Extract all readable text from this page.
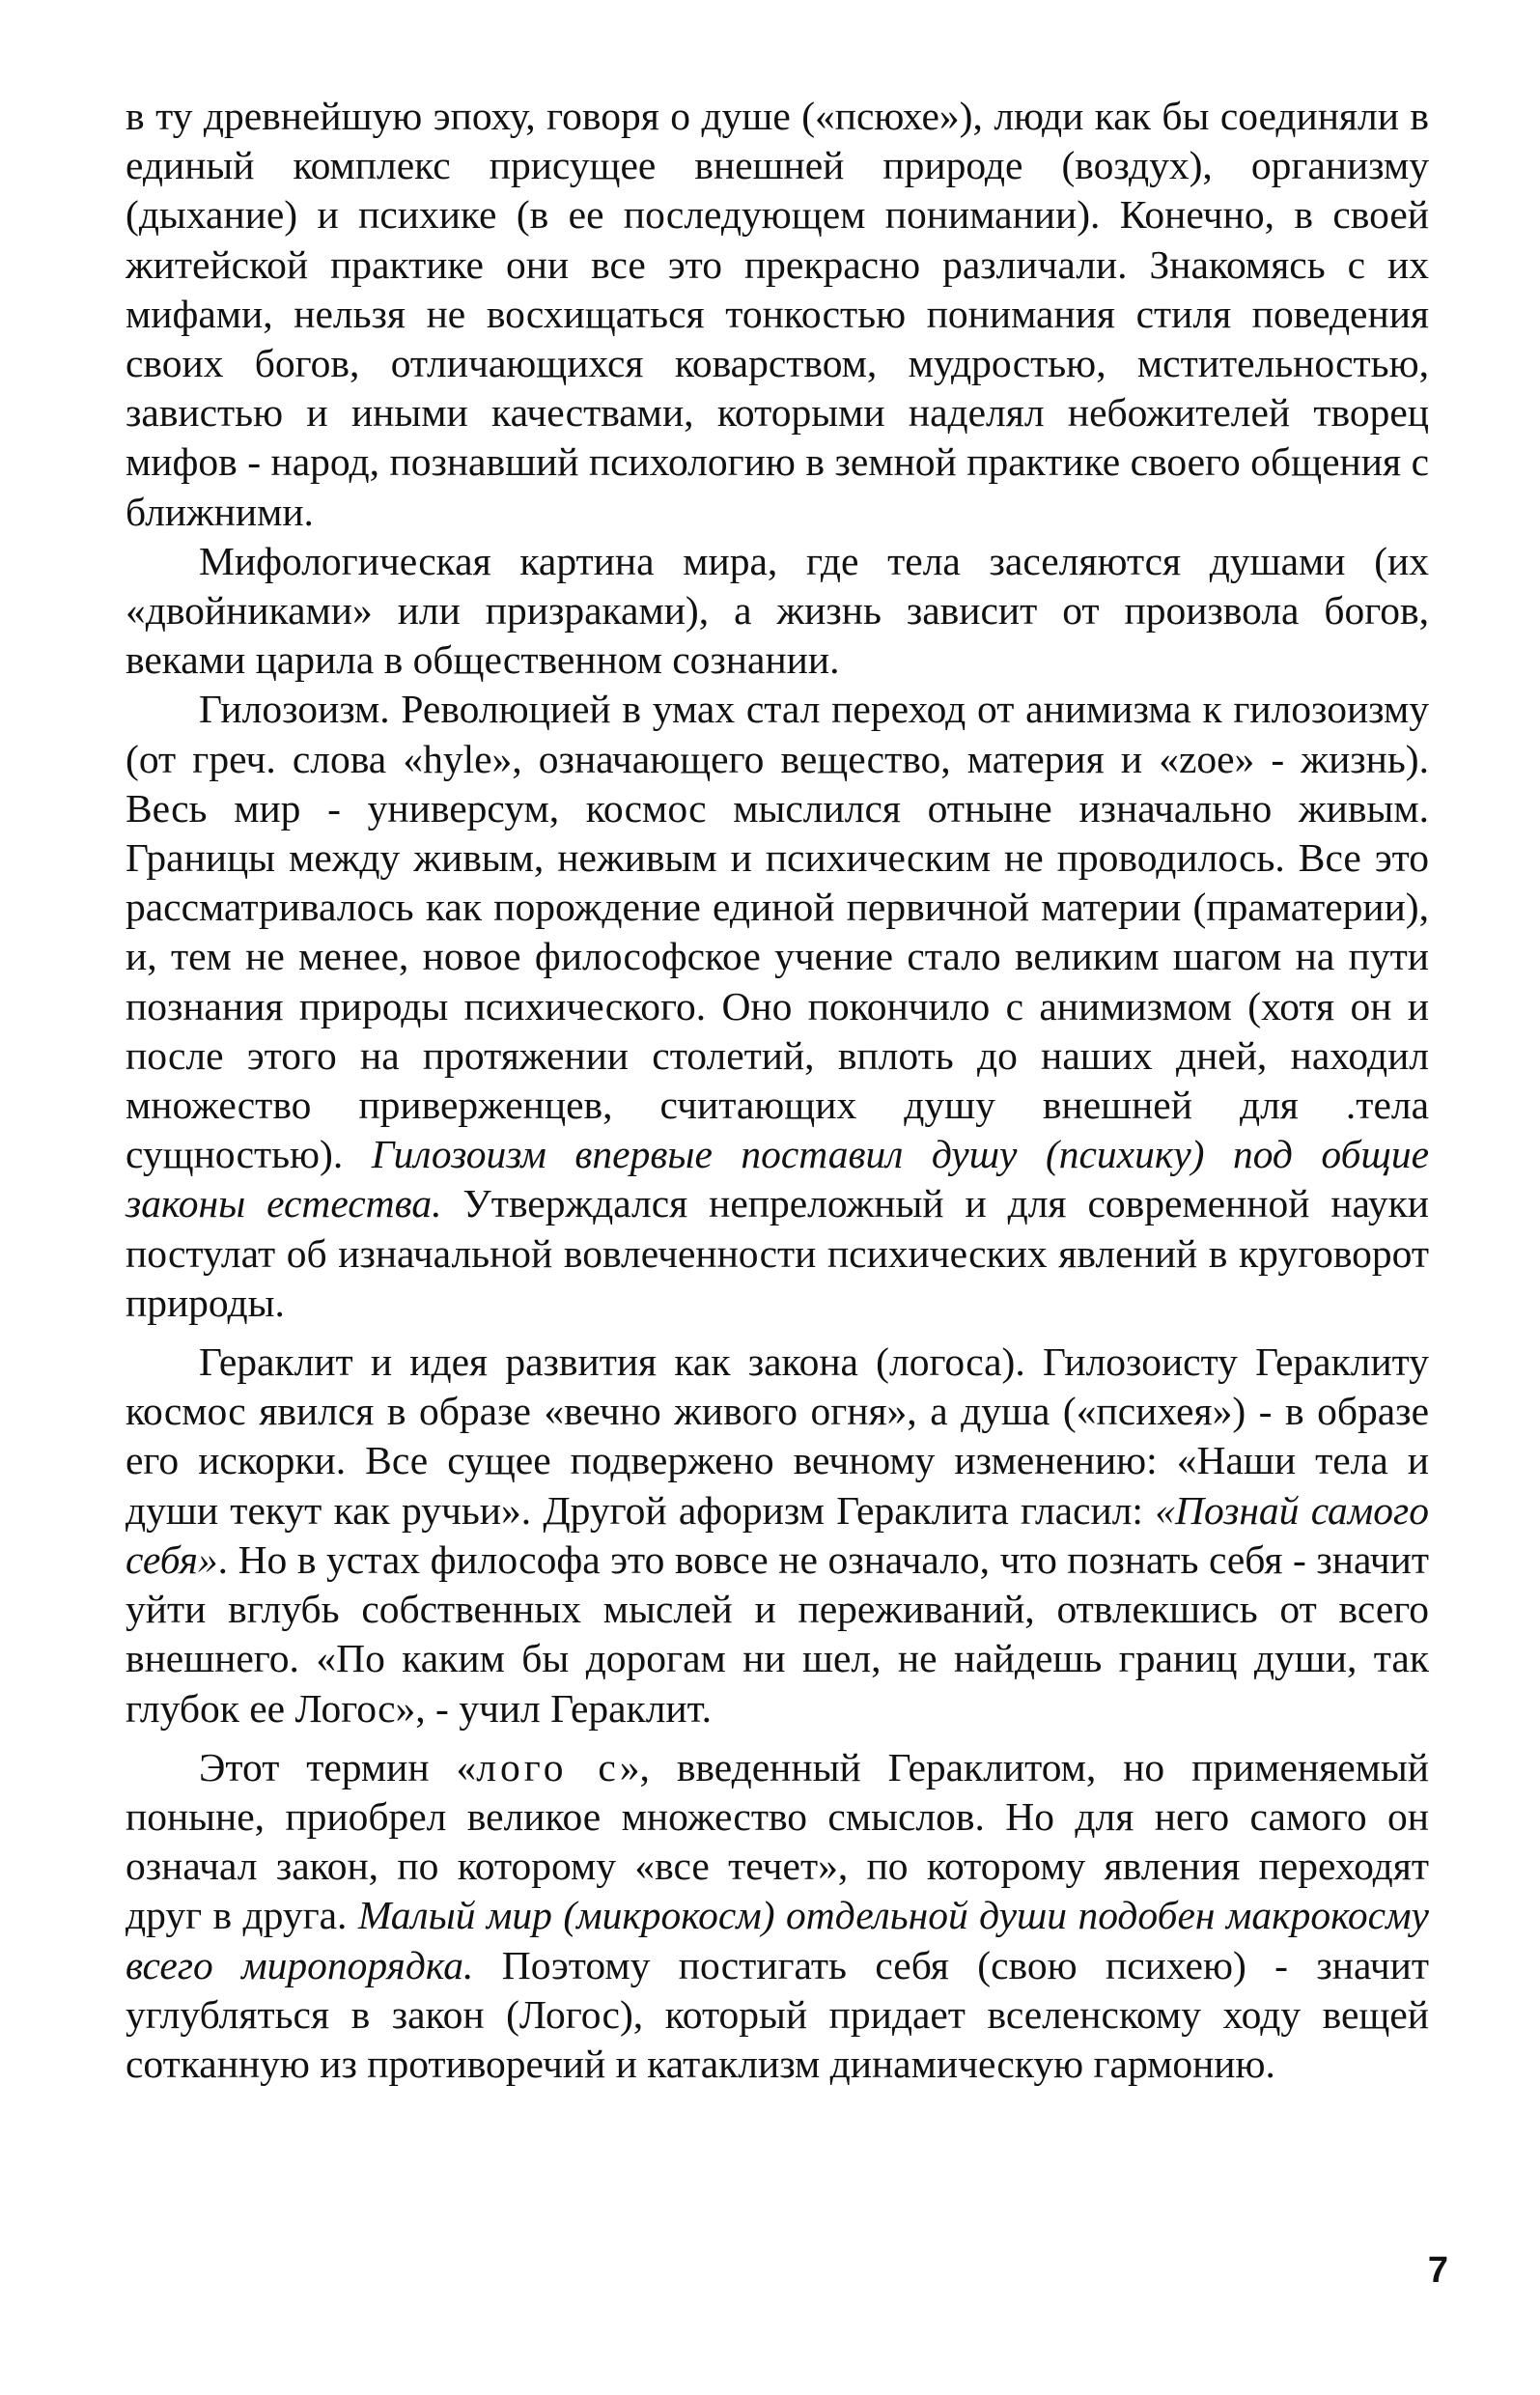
в ту древнейшую эпоху, говоря о душе («псюхе»), люди как бы соединяли в единый комплекс присущее внешней природе (воздух), организму (дыхание) и психике (в ее последующем понимании). Конечно, в своей житейской практике они все это прекрасно различали. Знакомясь с их мифами, нельзя не восхищаться тонкостью понимания стиля поведения своих богов, отличающихся коварством, мудростью, мстительностью, завистью и иными качествами, которыми наделял небожителей творец мифов - народ, познавший психологию в земной практике своего общения с ближними.

Мифологическая картина мира, где тела заселяются душами (их «двойниками» или призраками), а жизнь зависит от произвола богов, веками царила в общественном сознании.

Гилозоизм. Революцией в умах стал переход от анимизма к гилозоизму (от греч. слова «hyle», означающего вещество, материя и «zoe» - жизнь). Весь мир - универсум, космос мыслился отныне изначально живым. Границы между живым, неживым и психическим не проводилось. Все это рассматривалось как порождение единой первичной материи (праматерии), и, тем не менее, новое философское учение стало великим шагом на пути познания природы психического. Оно покончило с анимизмом (хотя он и после этого на протяжении столетий, вплоть до наших дней, находил множество приверженцев, считающих душу внешней для .тела сущностью). Гилозоизм впервые поставил душу (психику) под общие законы естества. Утверждался непреложный и для современной науки постулат об изначальной вовлеченности психических явлений в круговорот природы.

Гераклит и идея развития как закона (логоса). Гилозоисту Гераклиту космос явился в образе «вечно живого огня», а душа («психея») - в образе его искорки. Все сущее подвержено вечному изменению: «Наши тела и души текут как ручьи». Другой афоризм Гераклита гласил: «Познай самого себя». Но в устах философа это вовсе не означало, что познать себя - значит уйти вглубь собственных мыслей и переживаний, отвлекшись от всего внешнего. «По каким бы дорогам ни шел, не найдешь границ души, так глубок ее Логос», - учил Гераклит.

Этот термин «лого с», введенный Гераклитом, но применяемый поныне, приобрел великое множество смыслов. Но для него самого он означал закон, по которому «все течет», по которому явления переходят друг в друга. Малый мир (микрокосм) отдельной души подобен макрокосму всего миропорядка. Поэтому постигать себя (свою психею) - значит углубляться в закон (Логос), который придает вселенскому ходу вещей сотканную из противоречий и катаклизм динамическую гармонию.

7
